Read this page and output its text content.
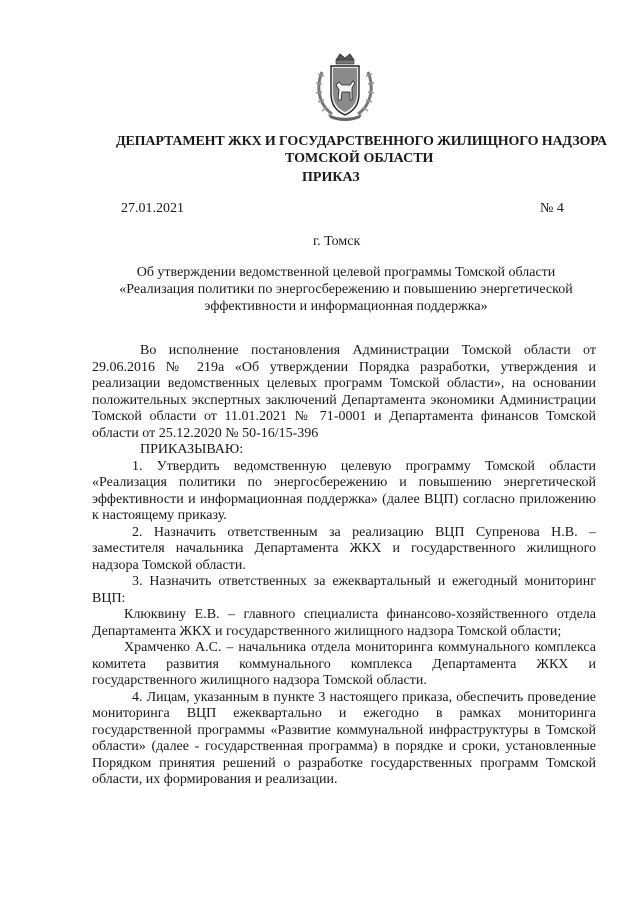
ДЕПАРТАМЕНТ ЖКХ И ГОСУДАРСТВЕННОГО ЖИЛИЩНОГО НАДЗОРА
ТОМСКОЙ ОБЛАСТИ
ПРИКАЗ
27.01.2021	№ 4
г. Томск
Об утверждении ведомственной целевой программы Томской области «Реализация политики по энергосбережению и повышению энергетической эффективности и информационная поддержка»

Во исполнение постановления Администрации Томской области от 29.06.2016 № 219а «Об утверждении Порядка разработки, утверждения и реализации ведомственных целевых программ Томской области», на основании положительных экспертных заключений Департамента экономики Администрации Томской области от 11.01.2021 № 71-0001 и Департамента финансов Томской области от 25.12.2020 № 50-16/15-396

ПРИКАЗЫВАЮ:

1. Утвердить ведомственную целевую программу Томской области «Реализация политики по энергосбережению и повышению энергетической эффективности и информационная поддержка» (далее ВЦП) согласно приложению к настоящему приказу.

2. Назначить ответственным за реализацию ВЦП Супренова Н.В. – заместителя начальника Департамента ЖКХ и государственного жилищного надзора Томской области.

3. Назначить ответственных за ежеквартальный и ежегодный мониторинг ВЦП:

Клюквину Е.В. – главного специалиста финансово-хозяйственного отдела Департамента ЖКХ и государственного жилищного надзора Томской области;

Храмченко А.С. – начальника отдела мониторинга коммунального комплекса комитета развития коммунального комплекса Департамента ЖКХ и государственного жилищного надзора Томской области.

4. Лицам, указанным в пункте 3 настоящего приказа, обеспечить проведение мониторинга ВЦП ежеквартально и ежегодно в рамках мониторинга государственной программы «Развитие коммунальной инфраструктуры в Томской области» (далее - государственная программа) в порядке и сроки, установленные Порядком принятия решений о разработке государственных программ Томской области, их формирования и реализации.
